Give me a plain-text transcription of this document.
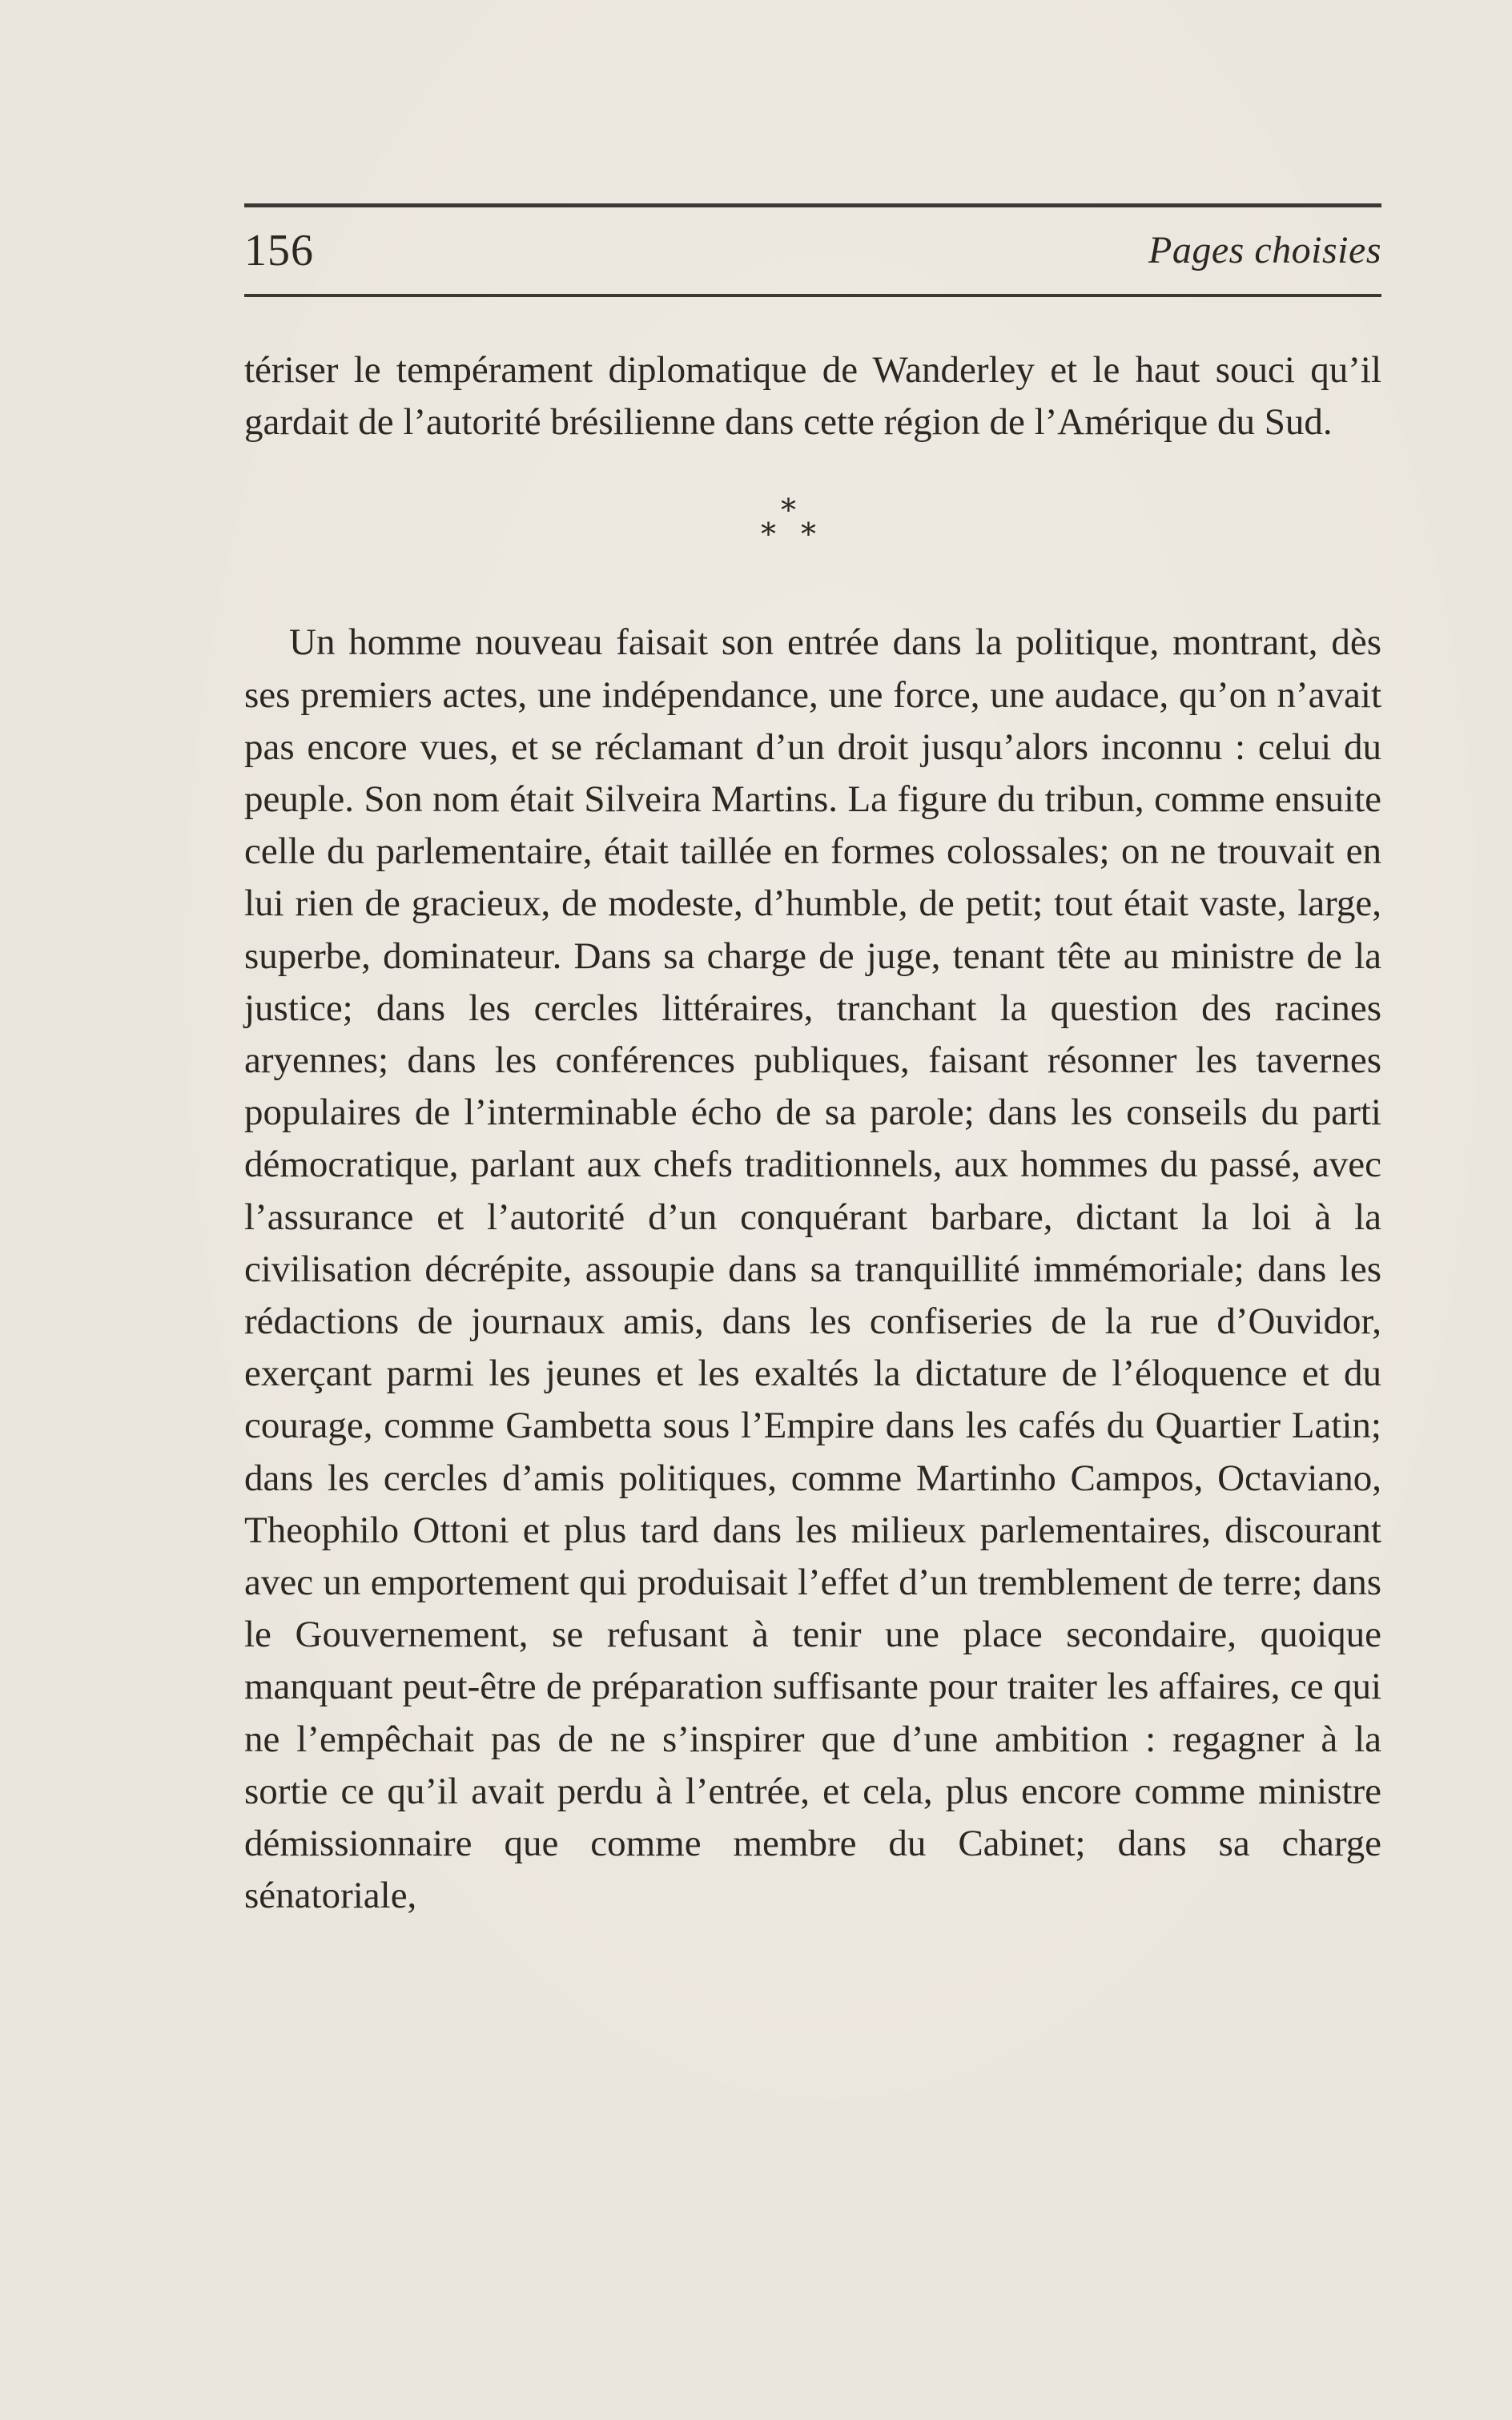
156	Pages choisies

tériser le tempérament diplomatique de Wanderley et le haut souci qu’il gardait de l’autorité brésilienne dans cette région de l’Amérique du Sud.

*
* *

Un homme nouveau faisait son entrée dans la politique, montrant, dès ses premiers actes, une indépendance, une force, une audace, qu’on n’avait pas encore vues, et se réclamant d’un droit jusqu’alors inconnu : celui du peuple. Son nom était Silveira Martins. La figure du tribun, comme ensuite celle du parlementaire, était taillée en formes colossales; on ne trouvait en lui rien de gracieux, de modeste, d’humble, de petit; tout était vaste, large, superbe, dominateur. Dans sa charge de juge, tenant tête au ministre de la justice; dans les cercles littéraires, tranchant la question des racines aryennes; dans les conférences publiques, faisant résonner les tavernes populaires de l’interminable écho de sa parole; dans les conseils du parti démocratique, parlant aux chefs traditionnels, aux hommes du passé, avec l’assurance et l’autorité d’un conquérant barbare, dictant la loi à la civilisation décrépite, assoupie dans sa tranquillité immémoriale; dans les rédactions de journaux amis, dans les confiseries de la rue d’Ouvidor, exerçant parmi les jeunes et les exaltés la dictature de l’éloquence et du courage, comme Gambetta sous l’Empire dans les cafés du Quartier Latin; dans les cercles d’amis politiques, comme Martinho Campos, Octaviano, Theophilo Ottoni et plus tard dans les milieux parlementaires, discourant avec un emportement qui produisait l’effet d’un tremblement de terre; dans le Gouvernement, se refusant à tenir une place secondaire, quoique manquant peut-être de préparation suffisante pour traiter les affaires, ce qui ne l’empêchait pas de ne s’inspirer que d’une ambition : regagner à la sortie ce qu’il avait perdu à l’entrée, et cela, plus encore comme ministre démissionnaire que comme membre du Cabinet; dans sa charge sénatoriale,
